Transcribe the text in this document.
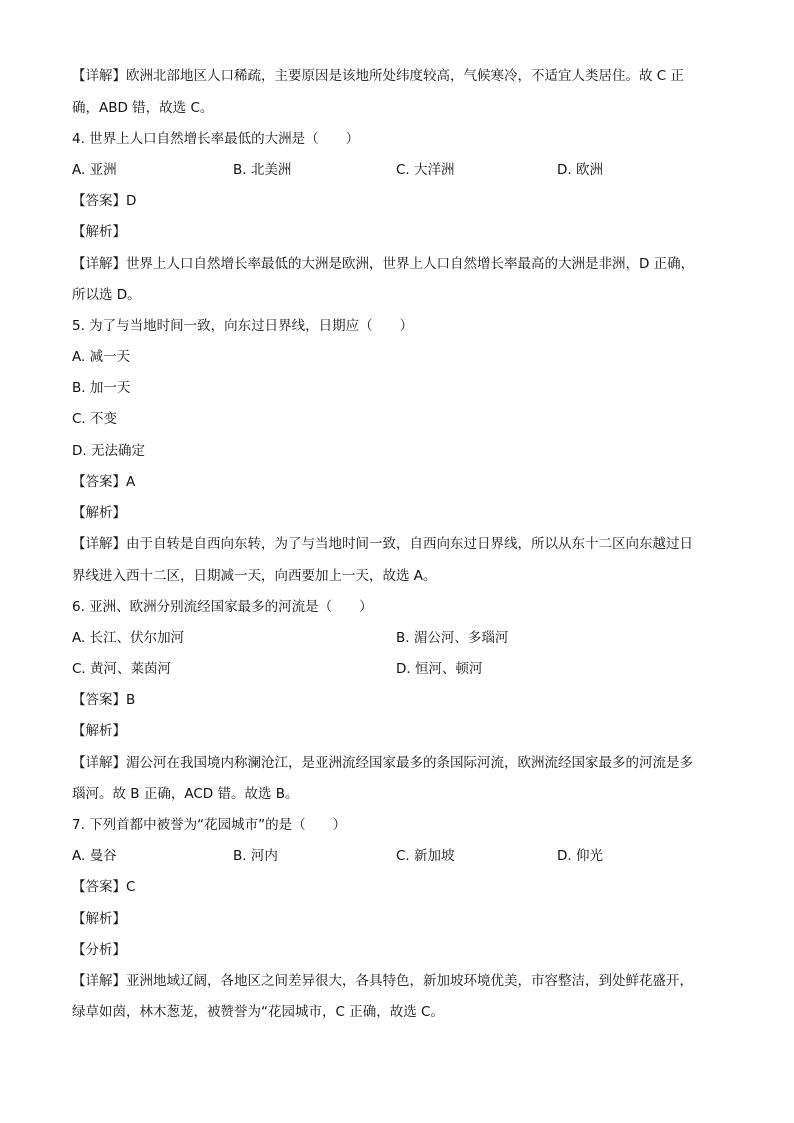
【详解】欧洲北部地区人口稀疏，主要原因是该地所处纬度较高，气候寒冷，不适宜人类居住。故 C 正
确，ABD 错，故选 C。
4. 世界上人口自然增长率最低的大洲是（　　）
A. 亚洲	B. 北美洲	C. 大洋洲	D. 欧洲
【答案】D
【解析】
【详解】世界上人口自然增长率最低的大洲是欧洲，世界上人口自然增长率最高的大洲是非洲，D 正确，
所以选 D。
5. 为了与当地时间一致，向东过日界线，日期应（　　）
A. 减一天
B. 加一天
C. 不变
D. 无法确定
【答案】A
【解析】
【详解】由于自转是自西向东转，为了与当地时间一致，自西向东过日界线，所以从东十二区向东越过日
界线进入西十二区，日期减一天，向西要加上一天，故选 A。
6. 亚洲、欧洲分别流经国家最多的河流是（　　）
A. 长江、伏尔加河	B. 湄公河、多瑙河
C. 黄河、莱茵河	D. 恒河、顿河
【答案】B
【解析】
【详解】湄公河在我国境内称澜沧江，是亚洲流经国家最多的条国际河流，欧洲流经国家最多的河流是多
瑙河。故 B 正确，ACD 错。故选 B。
7. 下列首都中被誉为“花园城市”的是（　　）
A. 曼谷	B. 河内	C. 新加坡	D. 仰光
【答案】C
【解析】
【分析】
【详解】亚洲地域辽阔，各地区之间差异很大，各具特色，新加坡环境优美，市容整洁，到处鲜花盛开，
绿草如茵，林木葱茏，被赞誉为“花园城市，C 正确，故选 C。
